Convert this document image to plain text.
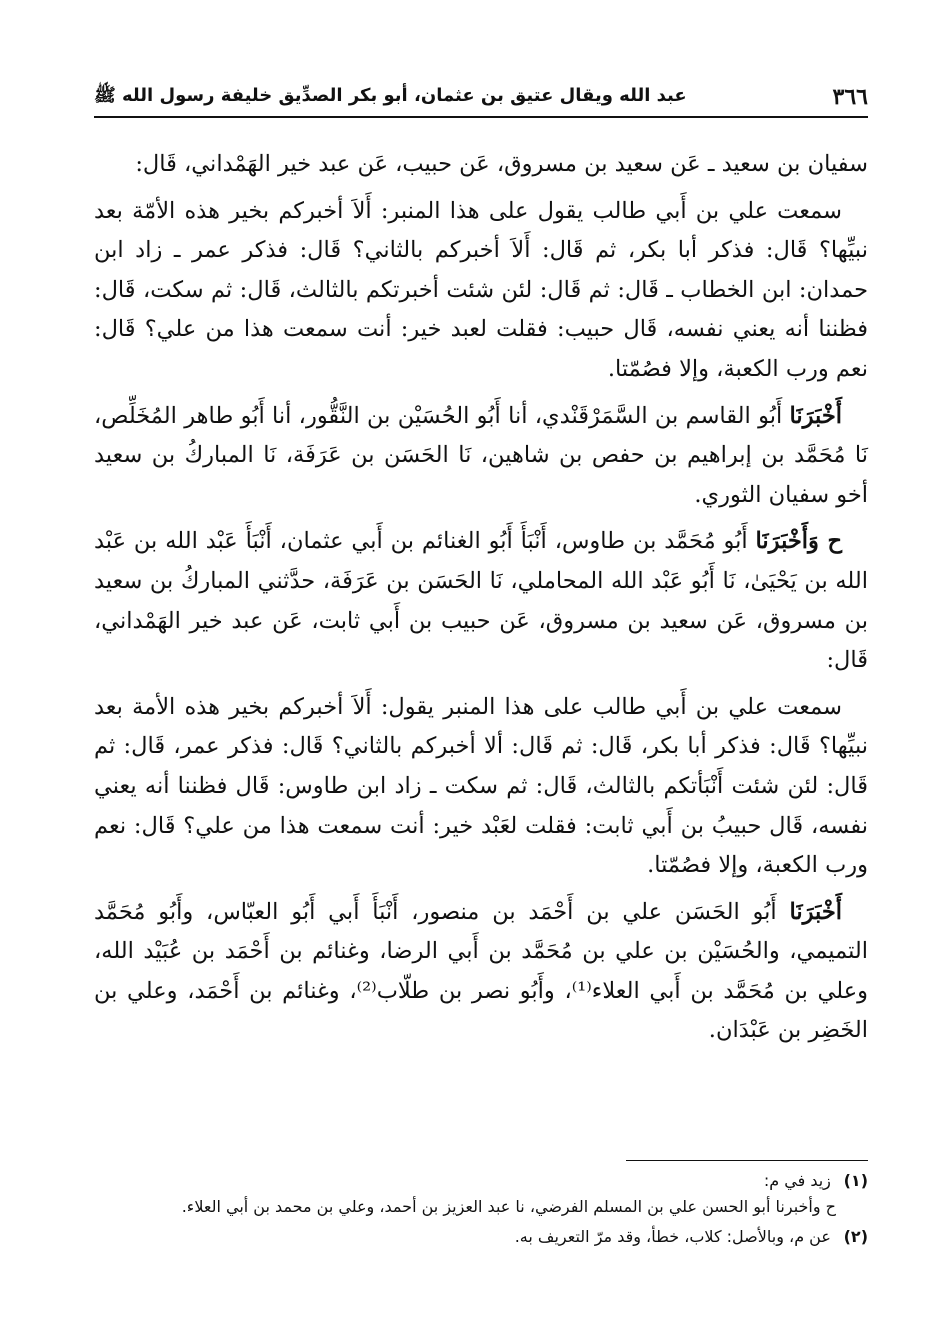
٣٦٦
عبد الله ويقال عتيق بن عثمان، أبو بكر الصدِّيق خليفة رسول الله ﷺ

سفيان بن سعيد ـ عَن سعيد بن مسروق، عَن حبيب، عَن عبد خير الهَمْداني، قَال:

سمعت علي بن أَبي طالب يقول على هذا المنبر: أَلاَ أخبركم بخير هذه الأمّة بعد نبيِّها؟ قَال: فذكر أبا بكر، ثم قَال: أَلاَ أخبركم بالثاني؟ قَال: فذكر عمر ـ زاد ابن حمدان: ابن الخطاب ـ قَال: ثم قَال: لئن شئت أخبرتكم بالثالث، قَال: ثم سكت، قَال: فظننا أنه يعني نفسه، قَال حبيب: فقلت لعبد خير: أنت سمعت هذا من علي؟ قَال: نعم ورب الكعبة، وإلا فصُمّتا.

أَخْبَرَنَا أَبُو القاسم بن السَّمَرْقَنْدي، أنا أَبُو الحُسَيْن بن النَّقُّور، أنا أَبُو طاهر المُخَلِّص، نَا مُحَمَّد بن إبراهيم بن حفص بن شاهين، نَا الحَسَن بن عَرَفَة، نَا المباركُ بن سعيد أخو سفيان الثوري.

ح وَأَخْبَرَنَا أَبُو مُحَمَّد بن طاوس، أَنْبَأَ أَبُو الغنائم بن أَبي عثمان، أَنْبَأَ عَبْد الله بن عَبْد الله بن يَحْيَىٰ، نَا أَبُو عَبْد الله المحاملي، نَا الحَسَن بن عَرَفَة، حدَّثني المباركُ بن سعيد بن مسروق، عَن سعيد بن مسروق، عَن حبيب بن أَبي ثابت، عَن عبد خير الهَمْداني، قَال:

سمعت علي بن أَبي طالب على هذا المنبر يقول: أَلاَ أخبركم بخير هذه الأمة بعد نبيِّها؟ قَال: فذكر أبا بكر، قَال: ثم قَال: ألا أخبركم بالثاني؟ قَال: فذكر عمر، قَال: ثم قَال: لئن شئت أَنْبَأتكم بالثالث، قَال: ثم سكت ـ زاد ابن طاوس: قَال فظننا أنه يعني نفسه، قَال حبيبُ بن أَبي ثابت: فقلت لعَبْد خير: أنت سمعت هذا من علي؟ قَال: نعم ورب الكعبة، وإلا فصُمّتا.

أَخْبَرَنَا أَبُو الحَسَن علي بن أَحْمَد بن منصور، أَنْبَأَ أَبي أَبُو العبّاس، وأَبُو مُحَمَّد التميمي، والحُسَيْن بن علي بن مُحَمَّد بن أَبي الرضا، وغنائم بن أَحْمَد بن عُبَيْد الله، وعلي بن مُحَمَّد بن أَبي العلاء⁽¹⁾، وأَبُو نصر بن طلّاب⁽²⁾، وغنائم بن أَحْمَد، وعلي بن الخَضِر بن عَبْدَان.

(١) زيد في م:
ح وأخبرنا أبو الحسن علي بن المسلم الفرضي، نا عبد العزيز بن أحمد، وعلي بن محمد بن أبي العلاء.

(٢) عن م، وبالأصل: كلاب، خطأ، وقد مرّ التعريف به.
